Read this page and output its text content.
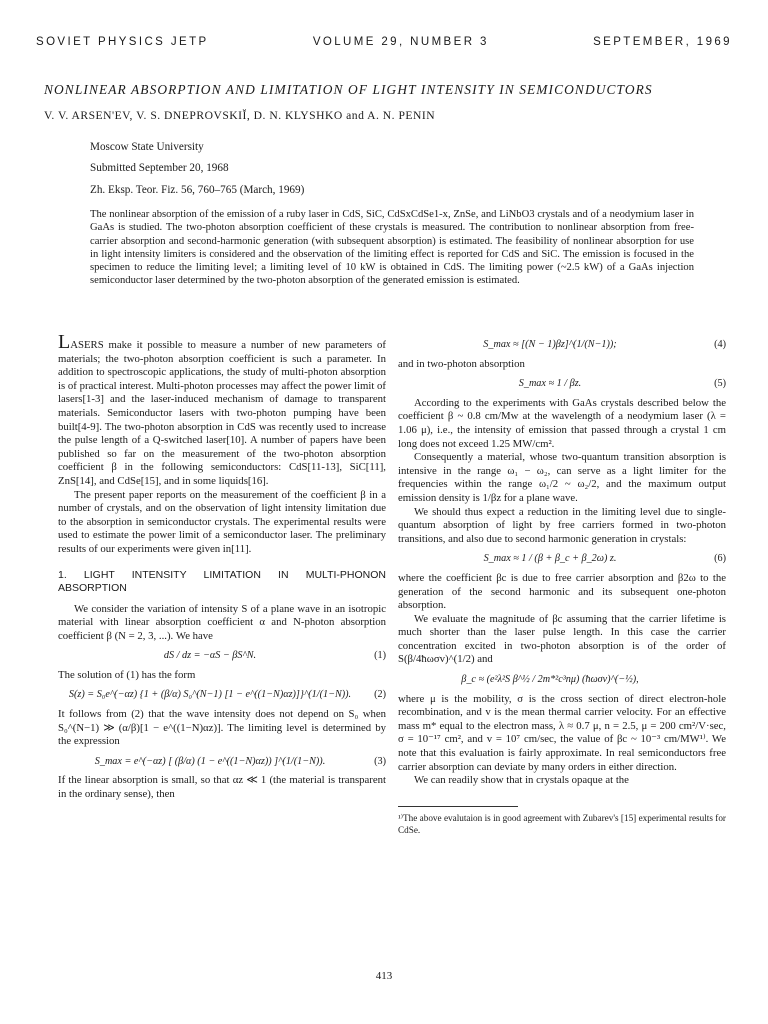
SOVIET PHYSICS JETP	VOLUME 29, NUMBER 3	SEPTEMBER, 1969
NONLINEAR ABSORPTION AND LIMITATION OF LIGHT INTENSITY IN SEMICONDUCTORS
V. V. ARSEN'EV, V. S. DNEPROVSKIĬ, D. N. KLYSHKO and A. N. PENIN
Moscow State University
Submitted September 20, 1968
Zh. Eksp. Teor. Fiz. 56, 760–765 (March, 1969)
The nonlinear absorption of the emission of a ruby laser in CdS, SiC, CdSxCdSe1-x, ZnSe, and LiNbO3 crystals and of a neodymium laser in GaAs is studied. The two-photon absorption coefficient of these crystals is measured. The contribution to nonlinear absorption from free-carrier absorption and second-harmonic generation (with subsequent absorption) is estimated. The feasibility of nonlinear absorption for use in light intensity limiters is considered and the observation of the limiting effect is reported for CdS and SiC. The emission is focused in the specimen to reduce the limiting level; a limiting level of 10 kW is obtained in CdS. The limiting power (~2.5 kW) of a GaAs injection semiconductor laser determined by the two-photon absorption of the generated emission is estimated.

LASERS make it possible to measure a number of new parameters of materials; the two-photon absorption coefficient is such a parameter. In addition to spectroscopic applications, the study of multi-photon absorption is of practical interest. Multi-photon processes may affect the power limit of lasers[1-3] and the laser-induced mechanism of damage to transparent materials. Semiconductor lasers with two-photon pumping have been built[4-9]. The two-photon absorption in CdS was recently used to increase the pulse length of a Q-switched laser[10]. A number of papers have been published so far on the measurement of the two-photon absorption coefficient β in the following semiconductors: CdS[11-13], SiC[11], ZnS[14], and CdSe[15], and in some liquids[16].

The present paper reports on the measurement of the coefficient β in a number of crystals, and on the observation of light intensity limitation due to the absorption in semiconductor crystals. The experimental results were used to estimate the power limit of a semiconductor laser. The preliminary results of our experiments were given in[11].

1. LIGHT INTENSITY LIMITATION IN MULTI-PHONON ABSORPTION

We consider the variation of intensity S of a plane wave in an isotropic material with linear absorption coefficient α and N-photon absorption coefficient β (N = 2, 3, ...). We have

dS / dz = −αS − βS^N.	(1)

The solution of (1) has the form

S(z) = S₀e^(−αz) {1 + (β/α) S₀^(N−1) [1 − e^((1−N)αz)]}^(1/(1−N)).	(2)

It follows from (2) that the wave intensity does not depend on S₀ when S₀^(N−1) ≫ (α/β)[1 − e^((1−N)αz)]. The limiting level is determined by the expression

S_max = e^(−αz) [ (β/α) (1 − e^((1−N)αz)) ]^(1/(1−N)).	(3)

If the linear absorption is small, so that αz ≪ 1 (the material is transparent in the ordinary sense), then

S_max ≈ [(N − 1)βz]^(1/(N−1));	(4)

and in two-photon absorption

S_max ≈ 1 / βz.	(5)

According to the experiments with GaAs crystals described below the coefficient β ~ 0.8 cm/Mw at the wavelength of a neodymium laser (λ = 1.06 μ), i.e., the intensity of emission that passed through a crystal 1 cm long does not exceed 1.25 MW/cm².

Consequently a material, whose two-quantum transition absorption is intensive in the range ω₁ − ω₂, can serve as a light limiter for the frequencies within the range ω₁/2 ~ ω₂/2, and the maximum output emission density is 1/βz for a plane wave.

We should thus expect a reduction in the limiting level due to single-quantum absorption of light by free carriers formed in two-photon transitions, and also due to second harmonic generation in crystals:

S_max ≈ 1 / (β + β_c + β_2ω) z.	(6)

where the coefficient βc is due to free carrier absorption and β2ω to the generation of the second harmonic and its subsequent one-photon absorption.

We evaluate the magnitude of βc assuming that the carrier lifetime is much shorter than the laser pulse length. In this case the carrier concentration excited in two-photon absorption is of the order of S(β/4ħωσv)^(1/2) and

β_c ≈ (e²λ²S β^½ / 2m*²c³nμ) (ħωσv)^(−½),

where μ is the mobility, σ is the cross section of direct electron-hole recombination, and v is the mean thermal carrier velocity. For an effective mass m* equal to the electron mass, λ ≈ 0.7 μ, n = 2.5, μ = 200 cm²/V·sec, σ = 10⁻¹⁷ cm², and v = 10⁷ cm/sec, the value of βc ~ 10⁻³ cm/MW¹⁾. We note that this evaluation is fairly approximate. In real semiconductors free carrier absorption can deviate by many orders in either direction.

We can readily show that in crystals opaque at the

¹⁾The above evalutaion is in good agreement with Zubarev's [15] experimental results for CdSe.
413
